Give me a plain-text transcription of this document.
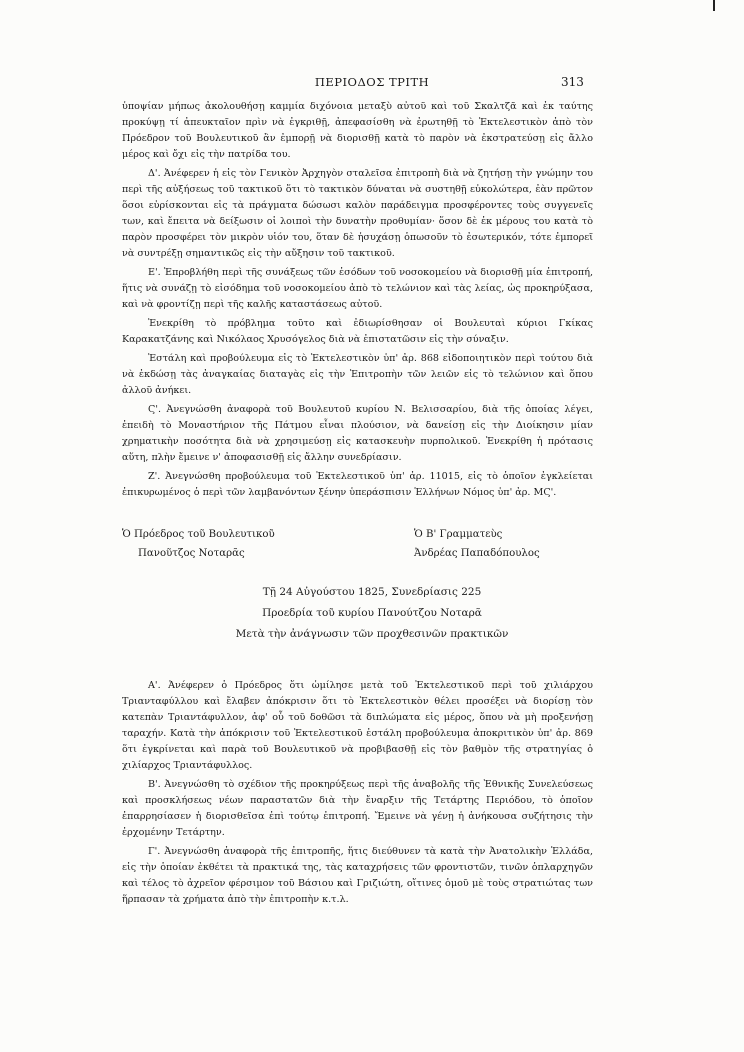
ΠΕΡΙΟΔΟΣ ΤΡΙΤΗ	313

ὑποψίαν μήπως ἀκολουθήσῃ καμμία διχόνοια μεταξὺ αὐτοῦ καὶ τοῦ Σκαλτζᾶ καὶ ἐκ ταύτης προκύψῃ τί ἀπευκταῖον πρὶν νὰ ἐγκριθῇ, ἀπεφασίσθη νὰ ἐρωτηθῇ τὸ Ἐκτελεστικὸν ἀπὸ τὸν Πρόεδρον τοῦ Βουλευτικοῦ ἂν ἐμπορῇ νὰ διορισθῇ κατὰ τὸ παρὸν νὰ ἐκστρατεύσῃ εἰς ἄλλο μέρος καὶ ὄχι εἰς τὴν πατρίδα του.

Δ'. Ἀνέφερεν ἡ εἰς τὸν Γενικὸν Ἀρχηγὸν σταλεῖσα ἐπιτροπὴ διὰ νὰ ζητήσῃ τὴν γνώμην του περὶ τῆς αὐξήσεως τοῦ τακτικοῦ ὅτι τὸ τακτικὸν δύναται νὰ συστηθῇ εὐκολώτερα, ἐὰν πρῶτον ὅσοι εὑρίσκονται εἰς τὰ πράγματα δώσωσι καλὸν παράδειγμα προσφέροντες τοὺς συγγενεῖς των, καὶ ἔπειτα νὰ δείξωσιν οἱ λοιποὶ τὴν δυνατὴν προθυμίαν· ὅσον δὲ ἐκ μέρους του κατὰ τὸ παρὸν προσφέρει τὸν μικρὸν υἱόν του, ὅταν δὲ ἡσυχάσῃ ὁπωσοῦν τὸ ἐσωτερικόν, τότε ἐμπορεῖ νὰ συντρέξῃ σημαντικῶς εἰς τὴν αὔξησιν τοῦ τακτικοῦ.

Ε'. Ἐπροβλήθη περὶ τῆς συνάξεως τῶν ἐσόδων τοῦ νοσοκομείου νὰ διορισθῇ μία ἐπιτροπή, ἥτις νὰ συνάζῃ τὸ εἰσόδημα τοῦ νοσοκομείου ἀπὸ τὸ τελώνιον καὶ τὰς λείας, ὡς προκηρύξασα, καὶ νὰ φροντίζῃ περὶ τῆς καλῆς καταστάσεως αὐτοῦ.

Ἐνεκρίθη τὸ πρόβλημα τοῦτο καὶ ἐδιωρίσθησαν οἱ Βουλευταὶ κύριοι Γκίκας Καρακατζάνης καὶ Νικόλαος Χρυσόγελος διὰ νὰ ἐπιστατῶσιν εἰς τὴν σύναξιν.

Ἐστάλη καὶ προβούλευμα εἰς τὸ Ἐκτελεστικὸν ὑπ' ἀρ. 868 εἰδοποιητικὸν περὶ τούτου διὰ νὰ ἐκδώσῃ τὰς ἀναγκαίας διαταγὰς εἰς τὴν Ἐπιτροπὴν τῶν λειῶν εἰς τὸ τελώνιον καὶ ὅπου ἀλλοῦ ἀνήκει.

Ϛ'. Ἀνεγνώσθη ἀναφορὰ τοῦ Βουλευτοῦ κυρίου Ν. Βελισσαρίου, διὰ τῆς ὁποίας λέγει, ἐπειδὴ τὸ Μοναστήριον τῆς Πάτμου εἶναι πλούσιον, νὰ δανείσῃ εἰς τὴν Διοίκησιν μίαν χρηματικὴν ποσότητα διὰ νὰ χρησιμεύσῃ εἰς κατασκευὴν πυρπολικοῦ. Ἐνεκρίθη ἡ πρότασις αὕτη, πλὴν ἔμεινε ν' ἀποφασισθῇ εἰς ἄλλην συνεδρίασιν.

Ζ'. Ἀνεγνώσθη προβούλευμα τοῦ Ἐκτελεστικοῦ ὑπ' ἀρ. 11015, εἰς τὸ ὁποῖον ἐγκλείεται ἐπικυρωμένος ὁ περὶ τῶν λαμβανόντων ξένην ὑπεράσπισιν Ἑλλήνων Νόμος ὑπ' ἀρ. ΜϚ'.

Ὁ Πρόεδρος τοῦ Βουλευτικοῦ
Πανοῦτζος Νοταρᾶς
Ὁ Β' Γραμματεὺς
Ἀνδρέας Παπαδόπουλος
Τῇ 24 Αὐγούστου 1825, Συνεδρίασις 225
Προεδρία τοῦ κυρίου Πανούτζου Νοταρᾶ
Μετὰ τὴν ἀνάγνωσιν τῶν προχθεσινῶν πρακτικῶν

Α'. Ἀνέφερεν ὁ Πρόεδρος ὅτι ὡμίλησε μετὰ τοῦ Ἐκτελεστικοῦ περὶ τοῦ χιλιάρχου Τριανταφύλλου καὶ ἔλαβεν ἀπόκρισιν ὅτι τὸ Ἐκτελεστικὸν θέλει προσέξει νὰ διορίσῃ τὸν κατεπὰν Τριαντάφυλλον, ἀφ' οὗ τοῦ δοθῶσι τὰ διπλώματα εἰς μέρος, ὅπου νὰ μὴ προξενήσῃ ταραχήν. Κατὰ τὴν ἀπόκρισιν τοῦ Ἐκτελεστικοῦ ἐστάλη προβούλευμα ἀποκριτικὸν ὑπ' ἀρ. 869 ὅτι ἐγκρίνεται καὶ παρὰ τοῦ Βουλευτικοῦ νὰ προβιβασθῇ εἰς τὸν βαθμὸν τῆς στρατηγίας ὁ χιλίαρχος Τριαντάφυλλος.

Β'. Ἀνεγνώσθη τὸ σχέδιον τῆς προκηρύξεως περὶ τῆς ἀναβολῆς τῆς Ἐθνικῆς Συνελεύσεως καὶ προσκλήσεως νέων παραστατῶν διὰ τὴν ἔναρξιν τῆς Τετάρτης Περιόδου, τὸ ὁποῖον ἐπαρρησίασεν ἡ διορισθεῖσα ἐπὶ τούτῳ ἐπιτροπή. Ἔμεινε νὰ γένῃ ἡ ἀνήκουσα συζήτησις τὴν ἐρχομένην Τετάρτην.

Γ'. Ἀνεγνώσθη ἀναφορὰ τῆς ἐπιτροπῆς, ἥτις διεύθυνεν τὰ κατὰ τὴν Ἀνατολικὴν Ἑλλάδα, εἰς τὴν ὁποίαν ἐκθέτει τὰ πρακτικά της, τὰς καταχρήσεις τῶν φροντιστῶν, τινῶν ὁπλαρχηγῶν καὶ τέλος τὸ ἀχρεῖον φέρσιμον τοῦ Βάσιου καὶ Γριζιώτη, οἵτινες ὁμοῦ μὲ τοὺς στρατιώτας των ἥρπασαν τὰ χρήματα ἀπὸ τὴν ἐπιτροπὴν κ.τ.λ.
